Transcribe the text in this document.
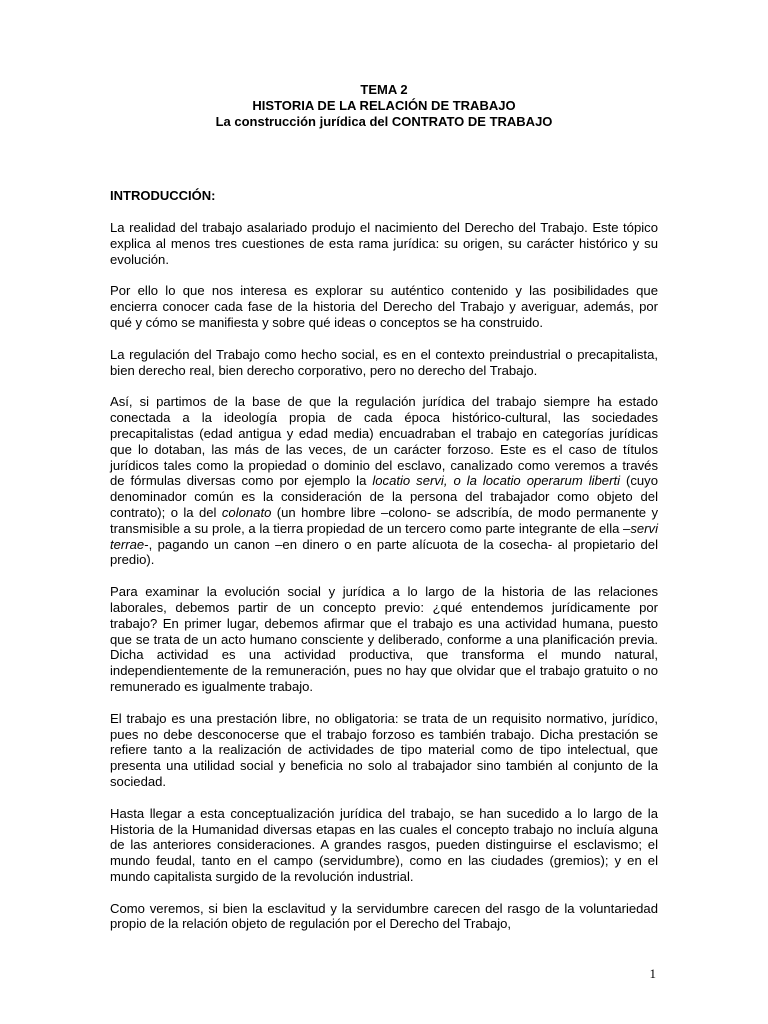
TEMA 2
HISTORIA DE LA RELACIÓN DE TRABAJO
La construcción jurídica del CONTRATO DE TRABAJO
INTRODUCCIÓN:

La realidad del trabajo asalariado produjo el nacimiento del Derecho del Trabajo. Este tópico explica al menos tres cuestiones de esta rama jurídica: su origen, su carácter histórico y su evolución.

Por ello lo que nos interesa es explorar su auténtico contenido y las posibilidades que encierra conocer cada fase de la historia del Derecho del Trabajo y averiguar, además, por qué y cómo se manifiesta y sobre qué ideas o conceptos se ha construido.

La regulación del Trabajo como hecho social, es en el contexto preindustrial o precapitalista, bien derecho real, bien derecho corporativo, pero no derecho del Trabajo.

Así, si partimos de la base de que la regulación jurídica del trabajo siempre ha estado conectada a la ideología propia de cada época histórico-cultural, las sociedades precapitalistas (edad antigua y edad media) encuadraban el trabajo en categorías jurídicas que lo dotaban, las más de las veces, de un carácter forzoso. Este es el caso de títulos jurídicos tales como la propiedad o dominio del esclavo, canalizado como veremos a través de fórmulas diversas como por ejemplo la locatio servi, o la locatio operarum liberti (cuyo denominador común es la consideración de la persona del trabajador como objeto del contrato); o la del colonato (un hombre libre –colono- se adscribía, de modo permanente y transmisible a su prole, a la tierra propiedad de un tercero como parte integrante de ella –servi terrae-, pagando un canon –en dinero o en parte alícuota de la cosecha- al propietario del predio).

Para examinar la evolución social y jurídica a lo largo de la historia de las relaciones laborales, debemos partir de un concepto previo: ¿qué entendemos jurídicamente por trabajo? En primer lugar, debemos afirmar que el trabajo es una actividad humana, puesto que se trata de un acto humano consciente y deliberado, conforme a una planificación previa. Dicha actividad es una actividad productiva, que transforma el mundo natural, independientemente de la remuneración, pues no hay que olvidar que el trabajo gratuito o no remunerado es igualmente trabajo.

El trabajo es una prestación libre, no obligatoria: se trata de un requisito normativo, jurídico, pues no debe desconocerse que el trabajo forzoso es también trabajo. Dicha prestación se refiere tanto a la realización de actividades de tipo material como de tipo intelectual, que presenta una utilidad social y beneficia no solo al trabajador sino también al conjunto de la sociedad.

Hasta llegar a esta conceptualización jurídica del trabajo, se han sucedido a lo largo de la Historia de la Humanidad diversas etapas en las cuales el concepto trabajo no incluía alguna de las anteriores consideraciones. A grandes rasgos, pueden distinguirse el esclavismo; el mundo feudal, tanto en el campo (servidumbre), como en las ciudades (gremios); y en el mundo capitalista surgido de la revolución industrial.

Como veremos, si bien la esclavitud y la servidumbre carecen del rasgo de la voluntariedad propio de la relación objeto de regulación por el Derecho del Trabajo,

1
